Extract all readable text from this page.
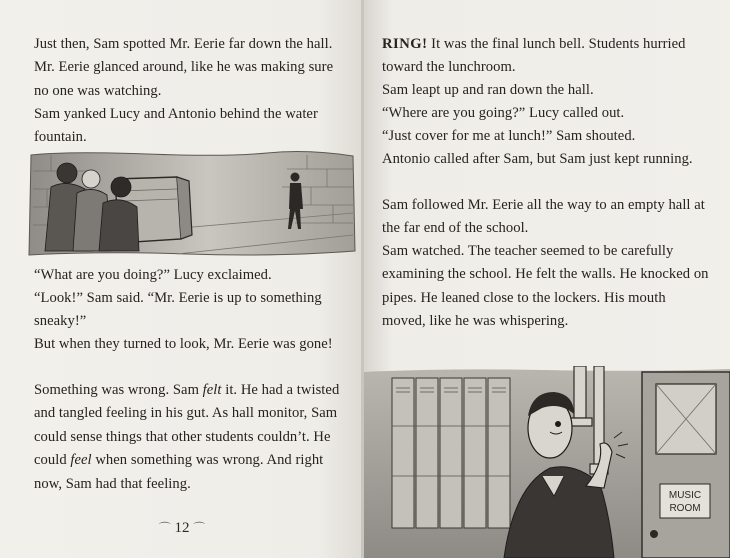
Just then, Sam spotted Mr. Eerie far down the hall. Mr. Eerie glanced around, like he was making sure no one was watching.

Sam yanked Lucy and Antonio behind the water fountain.

“What are you doing?” Lucy exclaimed.

“Look!” Sam said. “Mr. Eerie is up to something sneaky!”

But when they turned to look, Mr. Eerie was gone!

Something was wrong. Sam felt it. He had a twisted and tangled feeling in his gut. As hall monitor, Sam could sense things that other students couldn’t. He could feel when something was wrong. And right now, Sam had that feeling.

⌒ 12 ⌒

RING! It was the final lunch bell. Students hurried toward the lunchroom.

Sam leapt up and ran down the hall.

“Where are you going?” Lucy called out.

“Just cover for me at lunch!” Sam shouted.

Antonio called after Sam, but Sam just kept running.

Sam followed Mr. Eerie all the way to an empty hall at the far end of the school.

Sam watched. The teacher seemed to be carefully examining the school. He felt the walls. He knocked on pipes. He leaned close to the lockers. His mouth moved, like he was whispering.

MUSIC
ROOM
